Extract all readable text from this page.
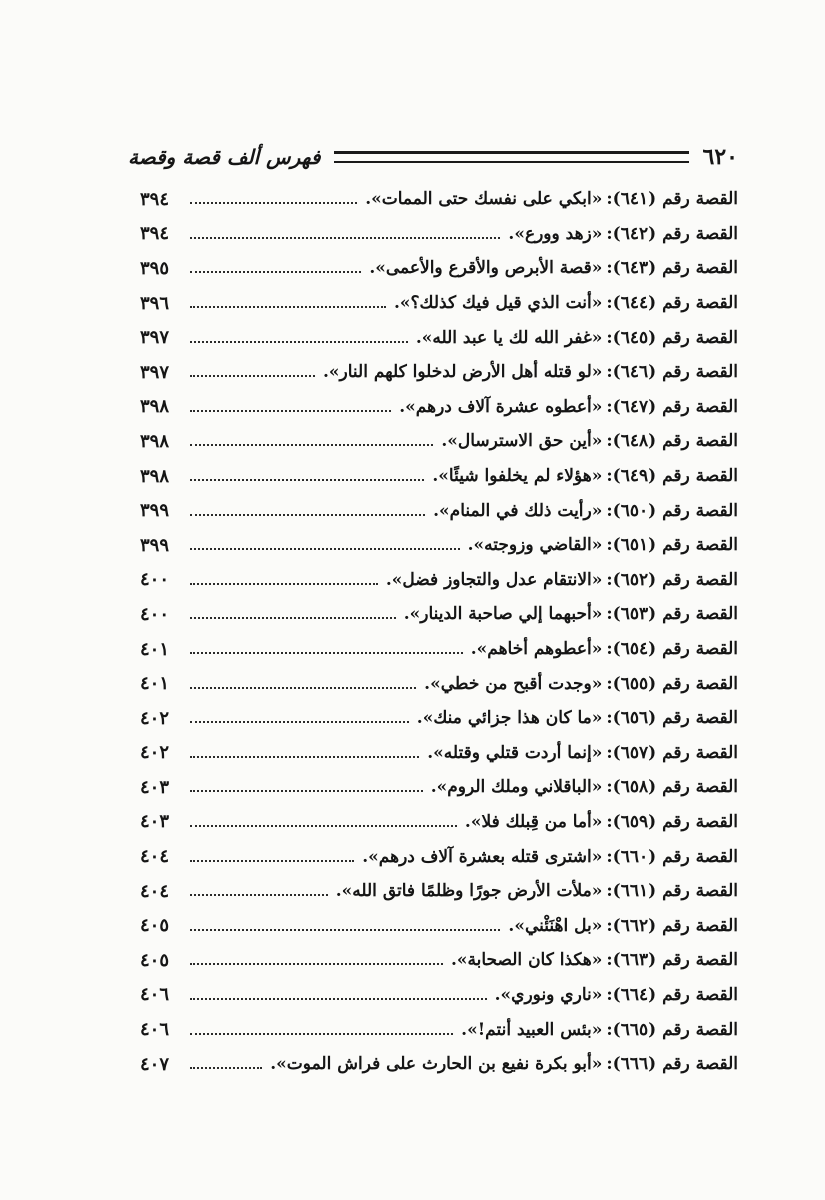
٦٢٠
فهرس ألف قصة وقصة
القصة رقم (٦٤١):
«ابكي على نفسك حتى الممات».
٣٩٤
القصة رقم (٦٤٢):
«زهد وورع».
٣٩٤
القصة رقم (٦٤٣):
«قصة الأبرص والأقرع والأعمى».
٣٩٥
القصة رقم (٦٤٤):
«أنت الذي قيل فيك كذلك؟».
٣٩٦
القصة رقم (٦٤٥):
«غفر الله لك يا عبد الله».
٣٩٧
القصة رقم (٦٤٦):
«لو قتله أهل الأرض لدخلوا كلهم النار».
٣٩٧
القصة رقم (٦٤٧):
«أعطوه عشرة آلاف درهم».
٣٩٨
القصة رقم (٦٤٨):
«أين حق الاسترسال».
٣٩٨
القصة رقم (٦٤٩):
«هؤلاء لم يخلفوا شيئًا».
٣٩٨
القصة رقم (٦٥٠):
«رأيت ذلك في المنام».
٣٩٩
القصة رقم (٦٥١):
«القاضي وزوجته».
٣٩٩
القصة رقم (٦٥٢):
«الانتقام عدل والتجاوز فضل».
٤٠٠
القصة رقم (٦٥٣):
«أحبهما إلي صاحبة الدينار».
٤٠٠
القصة رقم (٦٥٤):
«أعطوهم أخاهم».
٤٠١
القصة رقم (٦٥٥):
«وجدت أقبح من خطي».
٤٠١
القصة رقم (٦٥٦):
«ما كان هذا جزائي منك».
٤٠٢
القصة رقم (٦٥٧):
«إنما أردت قتلي وقتله».
٤٠٢
القصة رقم (٦٥٨):
«الباقلاني وملك الروم».
٤٠٣
القصة رقم (٦٥٩):
«أما من قِبلك فلا».
٤٠٣
القصة رقم (٦٦٠):
«اشترى قتله بعشرة آلاف درهم».
٤٠٤
القصة رقم (٦٦١):
«ملأت الأرض جورًا وظلمًا فاتق الله».
٤٠٤
القصة رقم (٦٦٢):
«بل اهْنَئْني».
٤٠٥
القصة رقم (٦٦٣):
«هكذا كان الصحابة».
٤٠٥
القصة رقم (٦٦٤):
«ناري ونوري».
٤٠٦
القصة رقم (٦٦٥):
«بئس العبيد أنتم!».
٤٠٦
القصة رقم (٦٦٦):
«أبو بكرة نفيع بن الحارث على فراش الموت».
٤٠٧
